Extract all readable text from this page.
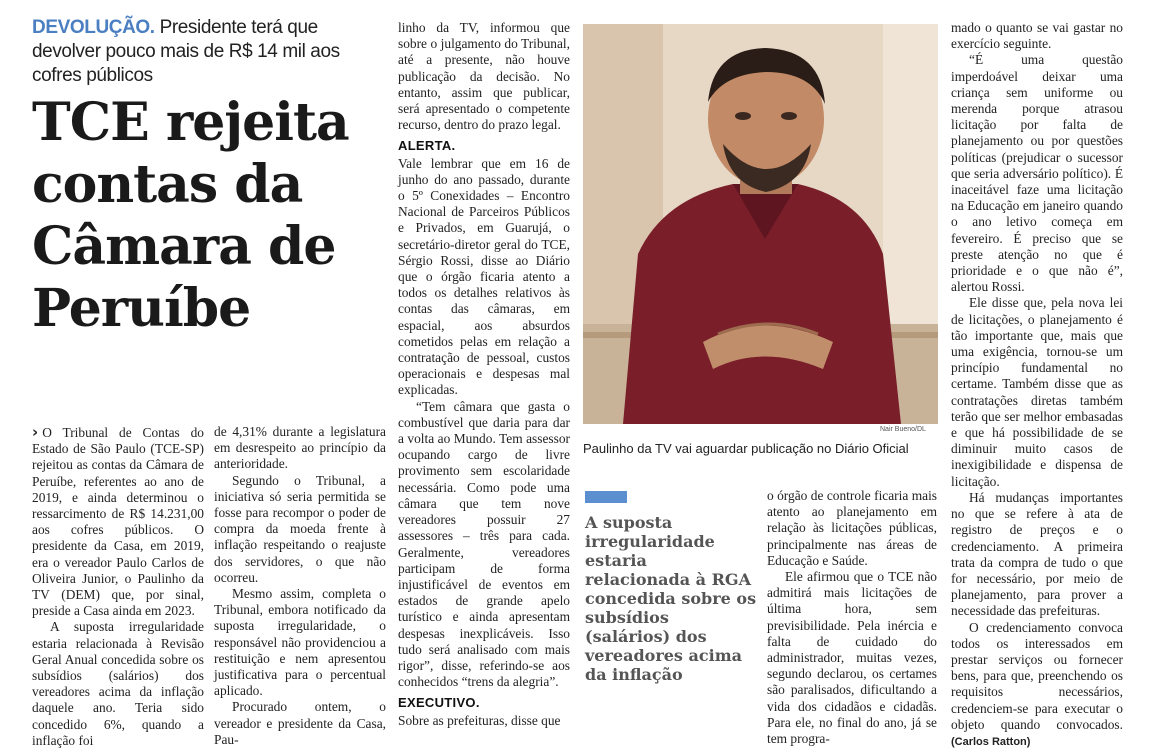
DEVOLUÇÃO. Presidente terá que devolver pouco mais de R$ 14 mil aos cofres públicos
TCE rejeita contas da Câmara de Peruíbe

› O Tribunal de Contas do Estado de São Paulo (TCE-SP) rejeitou as contas da Câmara de Peruíbe, referentes ao ano de 2019, e ainda determinou o ressarcimento de R$ 14.231,00 aos cofres públicos. O presidente da Casa, em 2019, era o vereador Paulo Carlos de Oliveira Junior, o Paulinho da TV (DEM) que, por sinal, preside a Casa ainda em 2023.

A suposta irregularidade estaria relacionada à Revisão Geral Anual concedida sobre os subsídios (salários) dos vereadores acima da inflação daquele ano. Teria sido concedido 6%, quando a inflação foi

de 4,31% durante a legislatura em desrespeito ao princípio da anterioridade.

Segundo o Tribunal, a iniciativa só seria permitida se fosse para recompor o poder de compra da moeda frente à inflação respeitando o reajuste dos servidores, o que não ocorreu.

Mesmo assim, completa o Tribunal, embora notificado da suposta irregularidade, o responsável não providenciou a restituição e nem apresentou justificativa para o percentual aplicado.

Procurado ontem, o vereador e presidente da Casa, Pau-

linho da TV, informou que sobre o julgamento do Tribunal, até a presente, não houve publicação da decisão. No entanto, assim que publicar, será apresentado o competente recurso, dentro do prazo legal.

ALERTA.

Vale lembrar que em 16 de junho do ano passado, durante o 5º Conexidades – Encontro Nacional de Parceiros Públicos e Privados, em Guarujá, o secretário-diretor geral do TCE, Sérgio Rossi, disse ao Diário que o órgão ficaria atento a todos os detalhes relativos às contas das câmaras, em espacial, aos absurdos cometidos pelas em relação a contratação de pessoal, custos operacionais e despesas mal explicadas.

“Tem câmara que gasta o combustível que daria para dar a volta ao Mundo. Tem assessor ocupando cargo de livre provimento sem escolaridade necessária. Como pode uma câmara que tem nove vereadores possuir 27 assessores – três para cada. Geralmente, vereadores participam de forma injustificável de eventos em estados de grande apelo turístico e ainda apresentam despesas inexplicáveis. Isso tudo será analisado com mais rigor”, disse, referindo-se aos conhecidos “trens da alegria”.

EXECUTIVO.

Sobre as prefeituras, disse que

Nair Bueno/DL
Paulinho da TV vai aguardar publicação no Diário Oficial
A suposta irregularidade estaria relacionada à RGA concedida sobre os subsídios (salários) dos vereadores acima da inflação

o órgão de controle ficaria mais atento ao planejamento em relação às licitações públicas, principalmente nas áreas de Educação e Saúde.

Ele afirmou que o TCE não admitirá mais licitações de última hora, sem previsibilidade. Pela inércia e falta de cuidado do administrador, muitas vezes, segundo declarou, os certames são paralisados, dificultando a vida dos cidadãos e cidadãs. Para ele, no final do ano, já se tem progra-

mado o quanto se vai gastar no exercício seguinte.

“É uma questão imperdoável deixar uma criança sem uniforme ou merenda porque atrasou licitação por falta de planejamento ou por questões políticas (prejudicar o sucessor que seria adversário político). É inaceitável faze uma licitação na Educação em janeiro quando o ano letivo começa em fevereiro. É preciso que se preste atenção no que é prioridade e o que não é”, alertou Rossi.

Ele disse que, pela nova lei de licitações, o planejamento é tão importante que, mais que uma exigência, tornou-se um princípio fundamental no certame. Também disse que as contratações diretas também terão que ser melhor embasadas e que há possibilidade de se diminuir muito casos de inexigibilidade e dispensa de licitação.

Há mudanças importantes no que se refere à ata de registro de preços e o credenciamento. A primeira trata da compra de tudo o que for necessário, por meio de planejamento, para prover a necessidade das prefeituras.

O credenciamento convoca todos os interessados em prestar serviços ou fornecer bens, para que, preenchendo os requisitos necessários, credenciem-se para executar o objeto quando convocados. (Carlos Ratton)
